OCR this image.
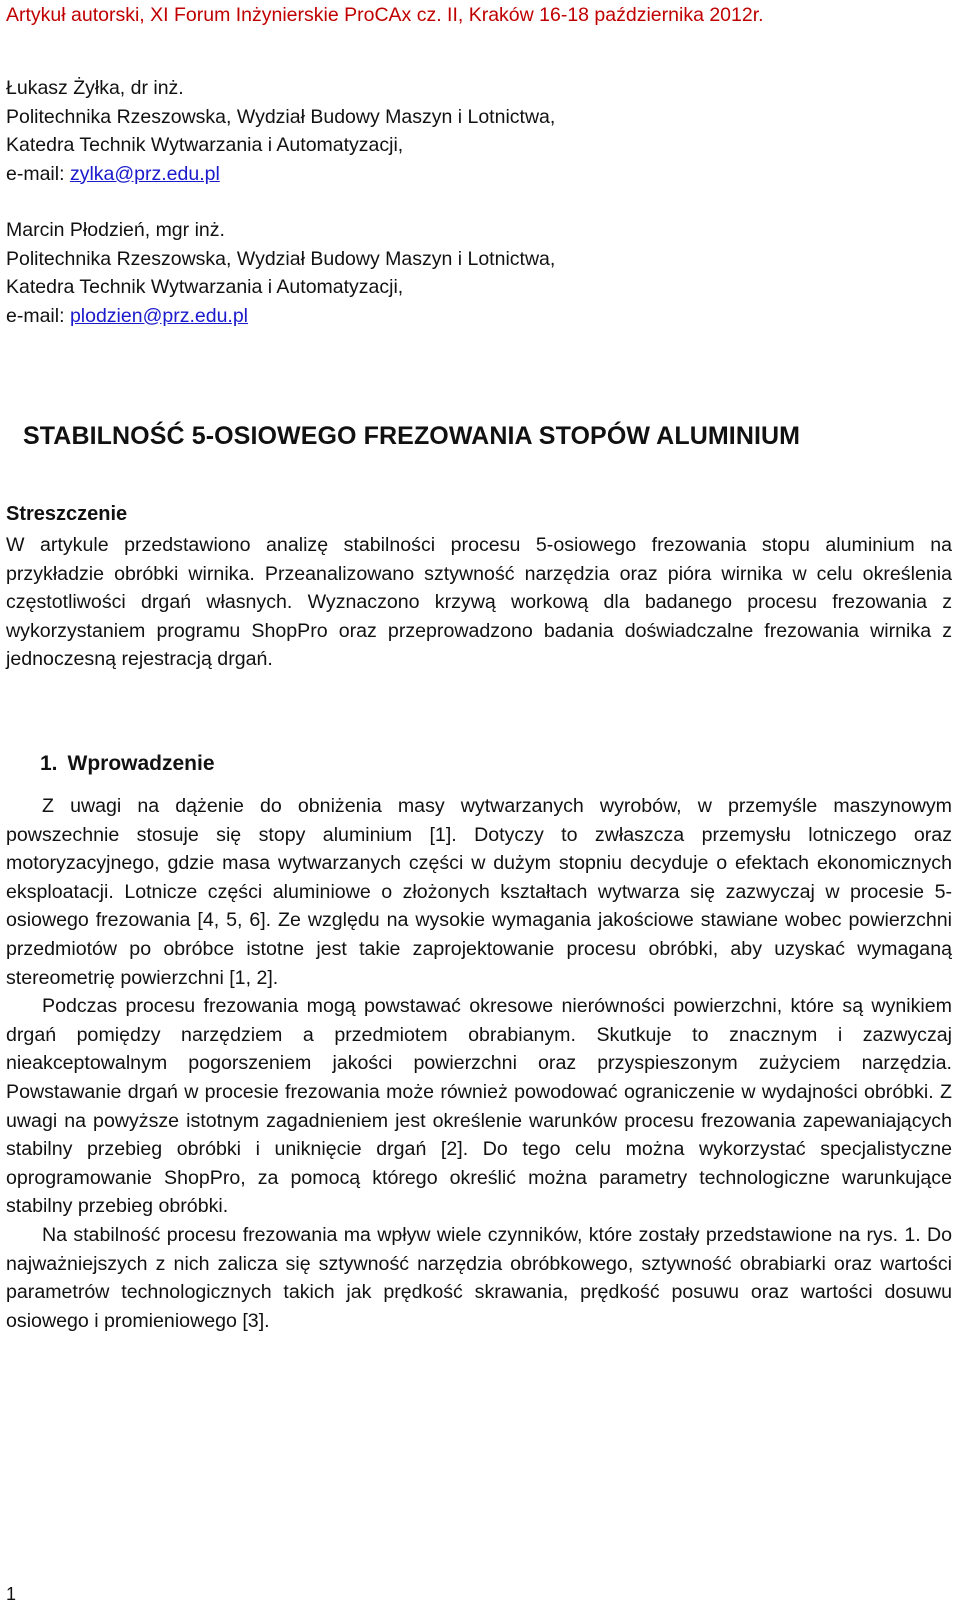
Artykuł autorski, XI Forum Inżynierskie ProCAx cz. II, Kraków 16-18 października 2012r.
Łukasz Żyłka, dr inż.
Politechnika Rzeszowska, Wydział Budowy Maszyn i Lotnictwa,
Katedra Technik Wytwarzania i Automatyzacji,
e-mail: zylka@prz.edu.pl
Marcin Płodzień, mgr inż.
Politechnika Rzeszowska, Wydział Budowy Maszyn i Lotnictwa,
Katedra Technik Wytwarzania i Automatyzacji,
e-mail: plodzien@prz.edu.pl
STABILNOŚĆ 5-OSIOWEGO FREZOWANIA STOPÓW ALUMINIUM
Streszczenie

W artykule przedstawiono analizę stabilności procesu 5-osiowego frezowania stopu aluminium na przykładzie obróbki wirnika. Przeanalizowano sztywność narzędzia oraz pióra wirnika w celu określenia częstotliwości drgań własnych. Wyznaczono krzywą workową dla badanego procesu frezowania z wykorzystaniem programu ShopPro oraz przeprowadzono badania doświadczalne frezowania wirnika z jednoczesną rejestracją drgań.

1. Wprowadzenie

Z uwagi na dążenie do obniżenia masy wytwarzanych wyrobów, w przemyśle maszynowym powszechnie stosuje się stopy aluminium [1]. Dotyczy to zwłaszcza przemysłu lotniczego oraz motoryzacyjnego, gdzie masa wytwarzanych części w dużym stopniu decyduje o efektach ekonomicznych eksploatacji. Lotnicze części aluminiowe o złożonych kształtach wytwarza się zazwyczaj w procesie 5-osiowego frezowania [4, 5, 6]. Ze względu na wysokie wymagania jakościowe stawiane wobec powierzchni przedmiotów po obróbce istotne jest takie zaprojektowanie procesu obróbki, aby uzyskać wymaganą stereometrię powierzchni [1, 2].

Podczas procesu frezowania mogą powstawać okresowe nierówności powierzchni, które są wynikiem drgań pomiędzy narzędziem a przedmiotem obrabianym. Skutkuje to znacznym i zazwyczaj nieakceptowalnym pogorszeniem jakości powierzchni oraz przyspieszonym zużyciem narzędzia. Powstawanie drgań w procesie frezowania może również powodować ograniczenie w wydajności obróbki. Z uwagi na powyższe istotnym zagadnieniem jest określenie warunków procesu frezowania zapewaniających stabilny przebieg obróbki i uniknięcie drgań [2]. Do tego celu można wykorzystać specjalistyczne oprogramowanie ShopPro, za pomocą którego określić można parametry technologiczne warunkujące stabilny przebieg obróbki.

Na stabilność procesu frezowania ma wpływ wiele czynników, które zostały przedstawione na rys. 1. Do najważniejszych z nich zalicza się sztywność narzędzia obróbkowego, sztywność obrabiarki oraz wartości parametrów technologicznych takich jak prędkość skrawania, prędkość posuwu oraz wartości dosuwu osiowego i promieniowego [3].

1
